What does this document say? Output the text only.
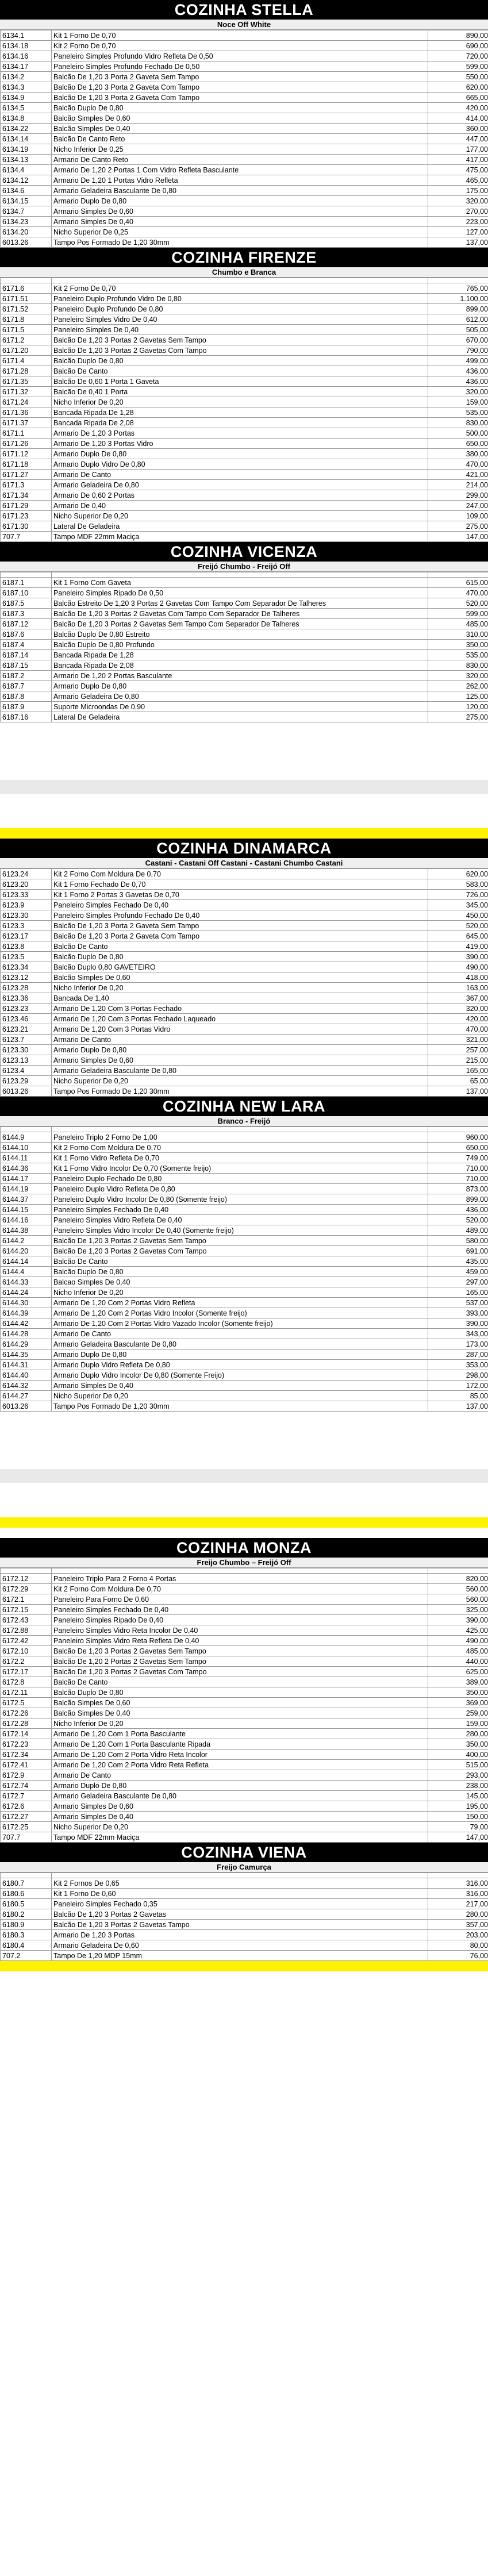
COZINHA STELLA
Noce Off White
6134.1	Kit 1 Forno De 0,70	890,00
6134.18	Kit 2 Forno De 0,70	690,00
6134.16	Paneleiro Simples Profundo Vidro Refleta De 0,50	720,00
6134.17	Paneleiro Simples Profundo Fechado De 0,50	599,00
6134.2	Balcão De 1,20 3 Porta 2 Gaveta Sem Tampo	550,00
6134.3	Balcão De 1,20 3 Porta 2 Gaveta Com Tampo	620,00
6134.9	Balcão De 1,20 3 Porta 2 Gaveta Com Tampo	665,00
6134.5	Balcão Duplo De 0,80	420,00
6134.8	Balcão Simples De 0,60	414,00
6134.22	Balcão Simples De 0,40	360,00
6134.14	Balcão De Canto Reto	447,00
6134.19	Nicho Inferior De 0,25	177,00
6134.13	Armario De Canto Reto	417,00
6134.4	Armario De 1,20 2 Portas 1 Com Vidro Refleta Basculante	475,00
6134.12	Armario De 1,20 1 Portas Vidro Refleta	465,00
6134.6	Armario Geladeira Basculante De 0,80	175,00
6134.15	Armario Duplo De 0,80	320,00
6134.7	Armario Simples De 0,60	270,00
6134.23	Armario Simples De 0,40	223,00
6134.20	Nicho Superior De 0,25	127,00
6013.26	Tampo Pos Formado De 1,20 30mm	137,00
COZINHA FIRENZE
Chumbo e Branca

6171.6	Kit 2 Forno De 0,70	765,00
6171.51	Paneleiro Duplo Profundo Vidro De 0,80	1.100,00
6171.52	Paneleiro Duplo Profundo De 0,80	899,00
6171.8	Paneleiro Simples Vidro De 0,40	612,00
6171.5	Paneleiro Simples De 0,40	505,00
6171.2	Balcão De 1,20 3 Portas 2 Gavetas Sem Tampo	670,00
6171.20	Balcão De 1,20 3 Portas 2 Gavetas Com Tampo	790,00
6171.4	Balcão Duplo De 0,80	499,00
6171.28	Balcão De Canto	436,00
6171.35	Balcão De 0,60 1 Porta 1 Gaveta	436,00
6171.32	Balcão De 0,40 1 Porta	320,00
6171.24	Nicho Inferior De 0,20	159,00
6171.36	Bancada Ripada De 1,28	535,00
6171.37	Bancada Ripada De 2,08	830,00
6171.1	Armario De 1,20 3 Portas	500,00
6171.26	Armario De 1,20 3 Portas Vidro	650,00
6171.12	Armario Duplo De 0,80	380,00
6171.18	Armario Duplo Vidro De 0,80	470,00
6171.27	Armario De Canto	421,00
6171.3	Armario Geladeira De 0,80	214,00
6171.34	Armario De 0,60 2 Portas	299,00
6171.29	Armario De 0,40	247,00
6171.23	Nicho Superior De 0,20	109,00
6171.30	Lateral De Geladeira	275,00
707.7	Tampo MDF 22mm Maciça	147,00
COZINHA VICENZA
Freijó Chumbo - Freijó Off

6187.1	Kit 1 Forno Com Gaveta	615,00
6187.10	Paneleiro Simples Ripado De 0,50	470,00
6187.5	Balcão Estreito De 1,20 3 Portas 2 Gavetas Com Tampo Com Separador De Talheres	520,00
6187.3	Balcão De 1,20 3 Portas 2 Gavetas Com Tampo Com Separador De Talheres	599,00
6187.12	Balcão De 1,20 3 Portas 2 Gavetas Sem Tampo Com Separador De Talheres	485,00
6187.6	Balcão Duplo De 0,80 Estreito	310,00
6187.4	Balcão Duplo De 0,80 Profundo	350,00
6187.14	Bancada Ripada De 1,28	535,00
6187.15	Bancada Ripada De 2,08	830,00
6187.2	Armario De 1,20 2 Portas Basculante	320,00
6187.7	Armario Duplo De 0,80	262,00
6187.8	Armario Geladeira De 0,80	125,00
6187.9	Suporte Microondas De 0,90	120,00
6187.16	Lateral De Geladeira	275,00
COZINHA DINAMARCA
Castani - Castani Off Castani - Castani Chumbo Castani
6123.24	Kit 2 Forno Com Moldura De 0,70	620,00
6123.20	Kit 1 Forno Fechado De 0,70	583,00
6123.33	Kit 1 Forno 2 Portas 3 Gavetas De 0,70	726,00
6123.9	Paneleiro Simples Fechado De 0,40	345,00
6123.30	Paneleiro Simples Profundo Fechado De 0,40	450,00
6123.3	Balcão De 1,20 3 Porta 2 Gaveta Sem Tampo	520,00
6123.17	Balcão De 1,20 3 Porta 2 Gaveta Com Tampo	645,00
6123.8	Balcão De Canto	419,00
6123.5	Balcão Duplo De 0,80	390,00
6123.34	Balcão Duplo 0,80 GAVETEIRO	490,00
6123.12	Balcão Simples De 0,60	418,00
6123.28	Nicho Inferior De 0,20	163,00
6123.36	Bancada De 1,40	367,00
6123.23	Armario De 1,20 Com 3 Portas Fechado	320,00
6123.46	Armario De 1,20 Com 3 Portas Fechado Laqueado	420,00
6123.21	Armario De 1,20 Com 3 Portas Vidro	470,00
6123.7	Armario De Canto	321,00
6123.30	Armario Duplo De 0,80	257,00
6123.13	Armario Simples De 0,60	215,00
6123.4	Armario Geladeira Basculante De 0,80	165,00
6123.29	Nicho Superior De 0,20	65,00
6013.26	Tampo Pos Formado De 1,20 30mm	137,00
COZINHA NEW LARA
Branco - Freijó

6144.9	Paneleiro Triplo 2 Forno De 1,00	960,00
6144.10	Kit 2 Forno Com Moldura De 0,70	650,00
6144.11	Kit 1 Forno Vidro Refleta De 0,70	749,00
6144.36	Kit 1 Forno Vidro Incolor De 0,70 (Somente freijo)	710,00
6144.17	Paneleiro Duplo Fechado De 0,80	710,00
6144.19	Paneleiro Duplo Vidro Refleta De 0,80	873,00
6144.37	Paneleiro Duplo Vidro Incolor De 0,80 (Somente freijo)	899,00
6144.15	Paneleiro Simples Fechado De 0,40	436,00
6144.16	Paneleiro Simples Vidro Refleta De 0,40	520,00
6144.38	Paneleiro Simples Vidro Incolor De 0,40 (Somente freijo)	489,00
6144.2	Balcão De 1,20 3 Portas 2 Gavetas Sem Tampo	580,00
6144.20	Balcão De 1,20 3 Portas 2 Gavetas Com Tampo	691,00
6144.14	Balcão De Canto	435,00
6144.4	Balcão Duplo De 0,80	459,00
6144.33	Balcao Simples De 0,40	297,00
6144.24	Nicho Inferior De 0,20	165,00
6144.30	Armario De 1,20 Com 2 Portas Vidro Refleta	537,00
6144.39	Armario De 1,20 Com 2 Portas Vidro Incolor (Somente freijo)	393,00
6144.42	Armario De 1,20 Com 2 Portas Vidro Vazado Incolor (Somente freijo)	390,00
6144.28	Armario De Canto	343,00
6144.29	Armario Geladeira Basculante De 0,80	173,00
6144.35	Armario Duplo De 0,80	287,00
6144.31	Armario Duplo Vidro Refleta De 0,80	353,00
6144.40	Armario Duplo Vidro Incolor De 0,80 (Somente Freijo)	298,00
6144.32	Armario Simples De 0,40	172,00
6144.27	Nicho Superior De 0,20	85,00
6013.26	Tampo Pos Formado De 1,20 30mm	137,00
COZINHA MONZA
Freijo Chumbo – Freijó Off

6172.12	Paneleiro Triplo Para 2 Forno 4 Portas	820,00
6172.29	Kit 2 Forno Com Moldura De 0,70	560,00
6172.1	Paneleiro Para Forno De 0,60	560,00
6172.15	Paneleiro Simples Fechado De 0,40	325,00
6172.43	Paneleiro Simples Ripado De 0,40	390,00
6172.88	Paneleiro Simples Vidro Reta Incolor De 0,40	425,00
6172.42	Paneleiro Simples Vidro Reta Refleta De 0,40	490,00
6172.10	Balcão De 1,20 3 Portas 2 Gavetas Sem Tampo	485,00
6172.2	Balcão De 1,20 2 Portas 2 Gavetas Sem Tampo	440,00
6172.17	Balcão De 1,20 3 Portas 2 Gavetas Com Tampo	625,00
6172.8	Balcão De Canto	389,00
6172.11	Balcão Duplo De 0,80	350,00
6172.5	Balcão Simples De 0,60	369,00
6172.26	Balcão Simples De 0,40	259,00
6172.28	Nicho Inferior De 0,20	159,00
6172.14	Armario De 1,20 Com 1 Porta Basculante	280,00
6172.23	Armario De 1,20 Com 1 Porta Basculante Ripada	350,00
6172.34	Armario De 1,20 Com 2 Porta Vidro Reta Incolor	400,00
6172.41	Armario De 1,20 Com 2 Porta Vidro Reta Refleta	515,00
6172.9	Armario De Canto	293,00
6172.74	Armario Duplo De 0,80	238,00
6172.7	Armario Geladeira Basculante De 0,80	145,00
6172.6	Armario Simples De 0,60	195,00
6172.27	Armario Simples De 0,40	150,00
6172.25	Nicho Superior De 0,20	79,00
707.7	Tampo MDF 22mm Maciça	147,00
COZINHA VIENA
Freijo Camurça

6180.7	Kit 2 Fornos De 0,65	316,00
6180.6	Kit 1 Forno De 0,60	316,00
6180.5	Paneleiro Simples Fechado 0,35	217,00
6180.2	Balcão De 1,20 3 Portas 2 Gavetas	280,00
6180.9	Balcão De 1,20 3 Portas 2 Gavetas Tampo	357,00
6180.3	Armario De 1,20 3 Portas	203,00
6180.4	Armario Geladeira De 0,60	80,00
707.2	Tampo De 1,20 MDP 15mm	76,00
